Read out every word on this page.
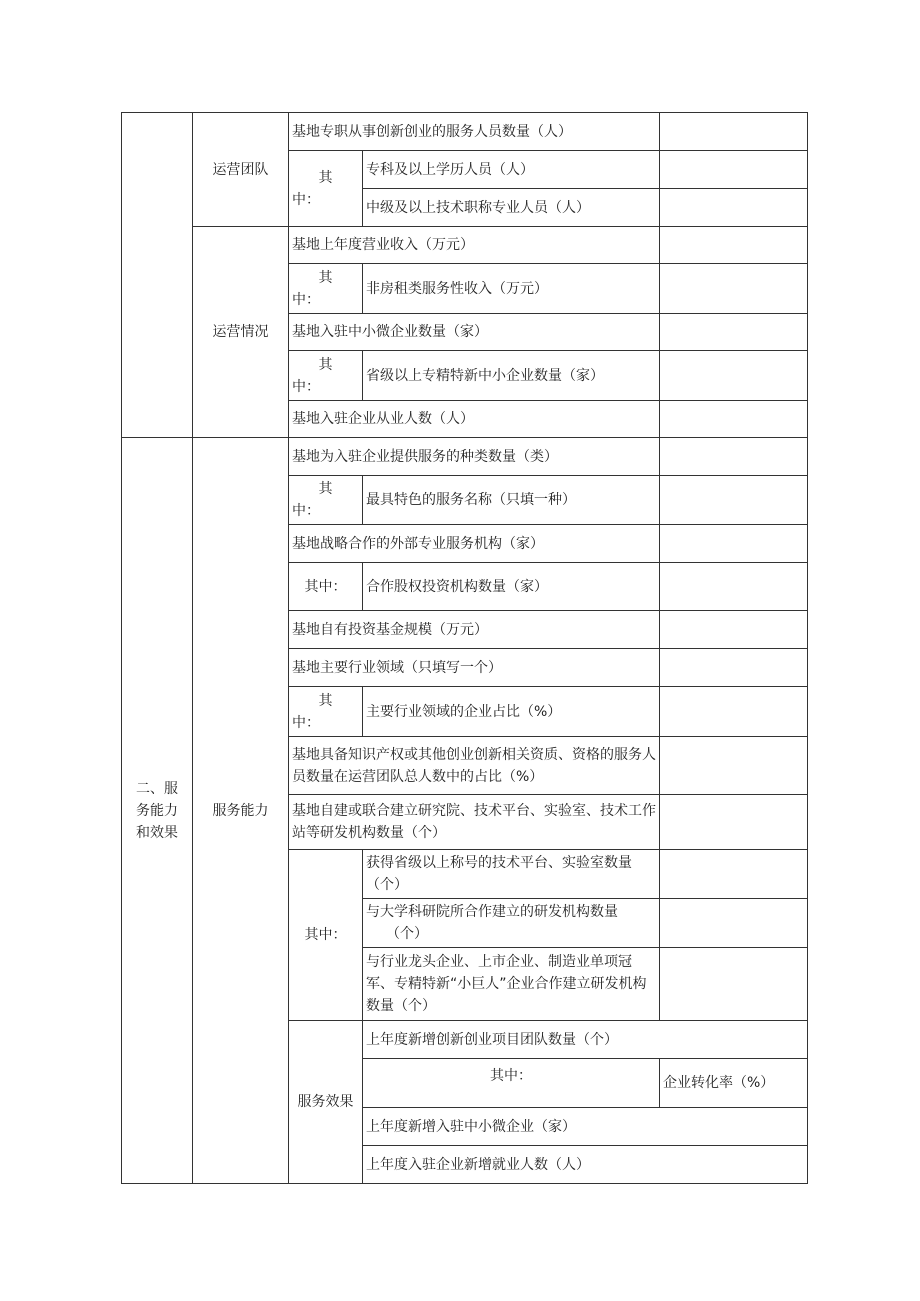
	运营团队	基地专职从事创新创业的服务人员数量（人）			

		其
中：	专科及以上学历人员（人）		
			中级及以上技术职称专业人员（人）		
	运营情况	基地上年度营业收入（万元）			

		其
中：	非房租类服务性收入（万元）		
		基地入驻中小微企业数量（家）			

		其
中：	省级以上专精特新中小企业数量（家）		
		基地入驻企业从业人数（人）			

二、服
务能力
和效果	服务能力	基地为入驻企业提供服务的种类数量（类）			

		其
中：	最具特色的服务名称（只填一种）		
		基地战略合作的外部专业服务机构（家）			
		其中：	合作股权投资机构数量（家）		
		基地自有投资基金规模（万元）			
		基地主要行业领域（只填写一个）			

		其
中：	主要行业领域的企业占比（%）		
		基地具备知识产权或其他创业创新相关资质、资格的服务人员数量在运营团队总人数中的占比（%）			
		基地自建或联合建立研究院、技术平台、实验室、技术工作站等研发机构数量（个）			
		其中：	获得省级以上称号的技术平台、实验室数量（个）		

			与大学科研院所合作建立的研发机构数量
（个）		

			与行业龙头企业、上市企业、制造业单项冠军、专精特新“小巨人”企业合作建立研发机构数量（个）		
		服务效果	上年度新增创新创业项目团队数量（个）		
			其中：	企业转化率（%）	
			上年度新增入驻中小微企业（家）		
			上年度入驻企业新增就业人数（人）		
